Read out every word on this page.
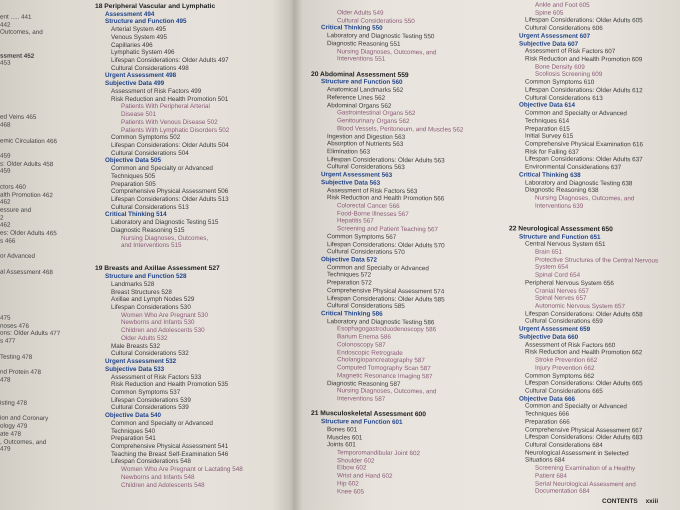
ent ..... 441
442
Outcomes, and
ssment 452
453
ed Veins 465
468
emic Circulation 466
459
s: Older Adults 458
459
ctors 460
alth Promotion 462
462
essure and
2
462
es: Older Adults 465
s 466
or Advanced
al Assessment 468
475
noses 476
ons: Older Adults 477
s 477
Testing 478
nd Protein 478
478
isting 478
ion and Coronary
ology 479
ate 478
, Outcomes, and
479
18 Peripheral Vascular and Lymphatic
Assessment 494
Structure and Function 495
Arterial System 495
Venous System 495
Capillaries 496
Lymphatic System 496
Lifespan Considerations: Older Adults 497
Cultural Considerations 498
Urgent Assessment 498
Subjective Data 499
Assessment of Risk Factors 499
Risk Reduction and Health Promotion 501
Patients With Peripheral Arterial
Disease 501
Patients With Venous Disease 502
Patients With Lymphatic Disorders 502
Common Symptoms 502
Lifespan Considerations: Older Adults 504
Cultural Considerations 504
Objective Data 505
Common and Specialty or Advanced
Techniques 505
Preparation 505
Comprehensive Physical Assessment 506
Lifespan Considerations: Older Adults 513
Cultural Considerations 513
Critical Thinking 514
Laboratory and Diagnostic Testing 515
Diagnostic Reasoning 515
Nursing Diagnoses, Outcomes,
and Interventions 515
19 Breasts and Axillae Assessment 527
Structure and Function 528
Landmarks 528
Breast Structures 528
Axillae and Lymph Nodes 529
Lifespan Considerations 530
Women Who Are Pregnant 530
Newborns and Infants 530
Children and Adolescents 530
Older Adults 532
Male Breasts 532
Cultural Considerations 532
Urgent Assessment 532
Subjective Data 533
Assessment of Risk Factors 533
Risk Reduction and Health Promotion 535
Common Symptoms 537
Lifespan Considerations 539
Cultural Considerations 539
Objective Data 540
Common and Specialty or Advanced
Techniques 540
Preparation 541
Comprehensive Physical Assessment 541
Teaching the Breast Self-Examination 546
Lifespan Considerations 548
Women Who Are Pregnant or Lactating 548
Newborns and Infants 548
Children and Adolescents 548
Older Adults 549
Cultural Considerations 550
Critical Thinking 550
Laboratory and Diagnostic Testing 550
Diagnostic Reasoning 551
Nursing Diagnoses, Outcomes, and
Interventions 551
20 Abdominal Assessment 559
Structure and Function 560
Anatomical Landmarks 562
Reference Lines 562
Abdominal Organs 562
Gastrointestinal Organs 562
Genitourinary Organs 562
Blood Vessels, Peritoneum, and Muscles 562
Ingestion and Digestion 563
Absorption of Nutrients 563
Elimination 563
Lifespan Considerations: Older Adults 563
Cultural Considerations 563
Urgent Assessment 563
Subjective Data 563
Assessment of Risk Factors 563
Risk Reduction and Health Promotion 566
Colorectal Cancer 566
Food-Borne Illnesses 567
Hepatitis 567
Screening and Patient Teaching 567
Common Symptoms 567
Lifespan Considerations: Older Adults 570
Cultural Considerations 570
Objective Data 572
Common and Specialty or Advanced
Techniques 572
Preparation 572
Comprehensive Physical Assessment 574
Lifespan Considerations: Older Adults 585
Cultural Considerations 585
Critical Thinking 586
Laboratory and Diagnostic Testing 586
Esophagogastroduodenoscopy 586
Barium Enema 586
Colonoscopy 587
Endoscopic Retrograde
Cholangiopancreatography 587
Computed Tomography Scan 587
Magnetic Resonance Imaging 587
Diagnostic Reasoning 587
Nursing Diagnoses, Outcomes, and
Interventions 587
21 Musculoskeletal Assessment 600
Structure and Function 601
Bones 601
Muscles 601
Joints 601
Temporomandibular Joint 602
Shoulder 602
Elbow 602
Wrist and Hand 602
Hip 602
Knee 605
Ankle and Foot 605
Spine 605
Lifespan Considerations: Older Adults 605
Cultural Considerations 606
Urgent Assessment 607
Subjective Data 607
Assessment of Risk Factors 607
Risk Reduction and Health Promotion 609
Bone Density 609
Scoliosis Screening 609
Common Symptoms 610
Lifespan Considerations: Older Adults 612
Cultural Considerations 613
Objective Data 614
Common and Specialty or Advanced
Techniques 614
Preparation 615
Initial Survey 615
Comprehensive Physical Examination 616
Risk for Falling 637
Lifespan Considerations: Older Adults 637
Environmental Considerations 637
Critical Thinking 638
Laboratory and Diagnostic Testing 638
Diagnostic Reasoning 638
Nursing Diagnoses, Outcomes, and
Interventions 639
22 Neurological Assessment 650
Structure and Function 651
Central Nervous System 651
Brain 651
Protective Structures of the Central Nervous
System 654
Spinal Cord 654
Peripheral Nervous System 656
Cranial Nerves 657
Spinal Nerves 657
Autonomic Nervous System 657
Lifespan Considerations: Older Adults 658
Cultural Considerations 659
Urgent Assessment 659
Subjective Data 660
Assessment of Risk Factors 660
Risk Reduction and Health Promotion 662
Stroke Prevention 662
Injury Prevention 662
Common Symptoms 662
Lifespan Considerations: Older Adults 665
Cultural Considerations 665
Objective Data 666
Common and Specialty or Advanced
Techniques 666
Preparation 666
Comprehensive Physical Assessment 667
Lifespan Considerations: Older Adults 683
Cultural Considerations 684
Neurological Assessment in Selected
Situations 684
Screening Examination of a Healthy
Patient 684
Serial Neurological Assessment and
Documentation 684
CONTENTS xxiii
